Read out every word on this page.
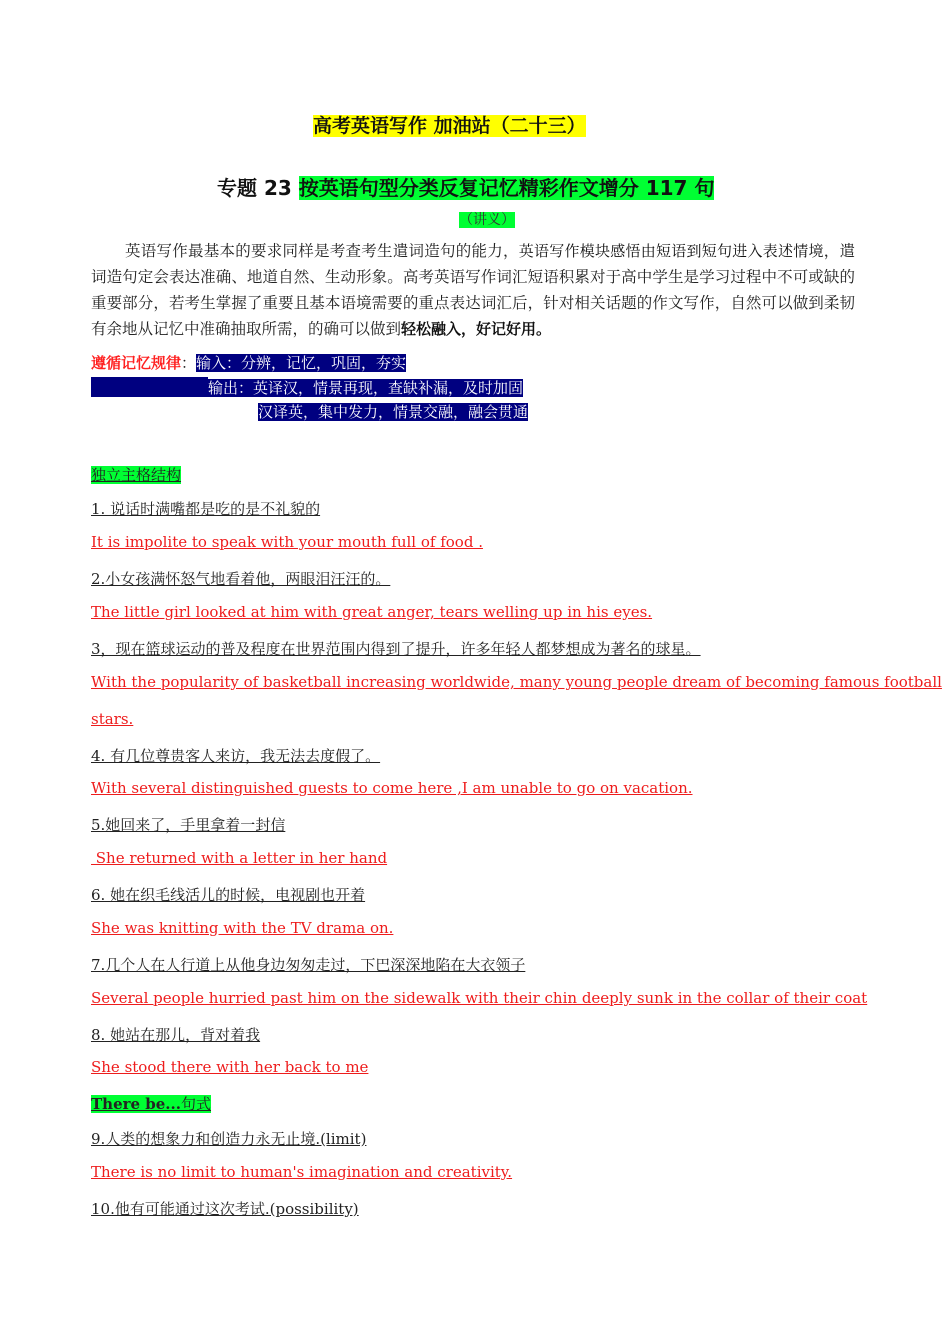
高考英语写作 加油站（二十三）
专题 23 按英语句型分类反复记忆精彩作文增分 117 句
（讲义）
英语写作最基本的要求同样是考查考生遣词造句的能力，英语写作模块感悟由短语到短句进入表述情境，遣词造句定会表达准确、地道自然、生动形象。高考英语写作词汇短语积累对于高中学生是学习过程中不可或缺的重要部分，若考生掌握了重要且基本语境需要的重点表达词汇后，针对相关话题的作文写作，自然可以做到柔韧有余地从记忆中准确抽取所需，的确可以做到轻松融入，好记好用。
遵循记忆规律：输入：分辨，记忆，巩固，夯实
输出：英译汉，情景再现，查缺补漏，及时加固
汉译英，集中发力，情景交融，融会贯通
独立主格结构
1. 说话时满嘴都是吃的是不礼貌的
It is impolite to speak with your mouth full of food .
2.小女孩满怀怒气地看着他，两眼泪汪汪的。
The little girl looked at him with great anger, tears welling up in his eyes.
3，现在篮球运动的普及程度在世界范围内得到了提升，许多年轻人都梦想成为著名的球星。
With the popularity of basketball increasing worldwide, many young people dream of becoming famous football
stars.
4. 有几位尊贵客人来访，我无法去度假了。
With several distinguished guests to come here ,I am unable to go on vacation.
5.她回来了，手里拿着一封信
She returned with a letter in her hand
6. 她在织毛线活儿的时候，电视剧也开着
She was knitting with the TV drama on.
7.几个人在人行道上从他身边匆匆走过，下巴深深地陷在大衣领子
Several people hurried past him on the sidewalk with their chin deeply sunk in the collar of their coat
8. 她站在那儿，背对着我
She stood there with her back to me
There be...句式
9.人类的想象力和创造力永无止境.(limit)
There is no limit to human's imagination and creativity.
10.他有可能通过这次考试.(possibility)
